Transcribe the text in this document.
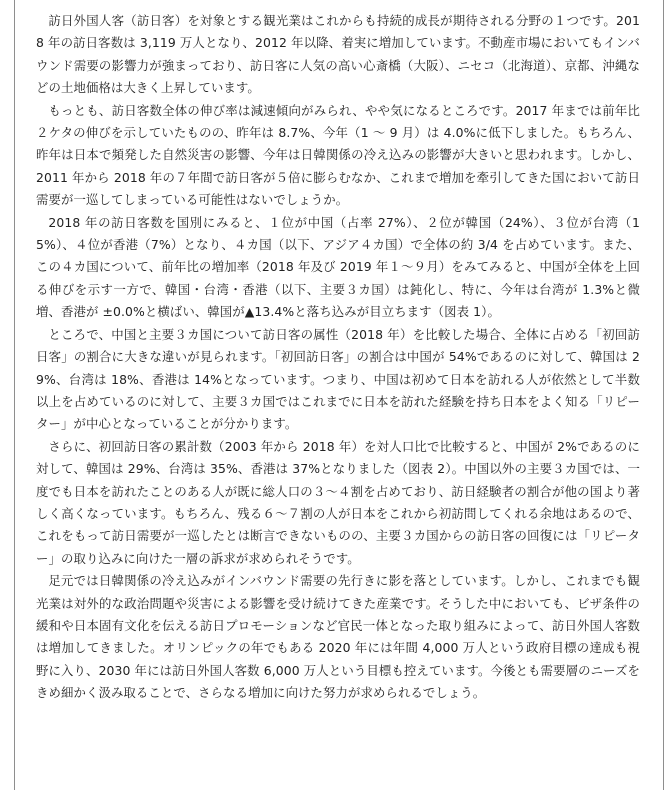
訪日外国人客（訪日客）を対象とする観光業はこれからも持続的成長が期待される分野の１つです。2018 年の訪日客数は 3,119 万人となり、2012 年以降、着実に増加しています。不動産市場においてもインバウンド需要の影響力が強まっており、訪日客に人気の高い心斎橋（大阪）、ニセコ（北海道）、京都、沖縄などの土地価格は大きく上昇しています。

もっとも、訪日客数全体の伸び率は減速傾向がみられ、やや気になるところです。2017 年までは前年比２ケタの伸びを示していたものの、昨年は 8.7%、今年（1 ～ 9 月）は 4.0%に低下しました。もちろん、昨年は日本で頻発した自然災害の影響、今年は日韓関係の冷え込みの影響が大きいと思われます。しかし、2011 年から 2018 年の７年間で訪日客が５倍に膨らむなか、これまで増加を牽引してきた国において訪日需要が一巡してしまっている可能性はないでしょうか。

2018 年の訪日客数を国別にみると、１位が中国（占率 27%）、２位が韓国（24%）、３位が台湾（15%）、４位が香港（7%）となり、４カ国（以下、アジア４カ国）で全体の約 3/4 を占めています。また、この４カ国について、前年比の増加率（2018 年及び 2019 年１～９月）をみてみると、中国が全体を上回る伸びを示す一方で、韓国・台湾・香港（以下、主要３カ国）は鈍化し、特に、今年は台湾が 1.3%と微増、香港が ±0.0%と横ばい、韓国が▲13.4%と落ち込みが目立ちます（図表 1）。

ところで、中国と主要３カ国について訪日客の属性（2018 年）を比較した場合、全体に占める「初回訪日客」の割合に大きな違いが見られます。「初回訪日客」の割合は中国が 54%であるのに対して、韓国は 29%、台湾は 18%、香港は 14%となっています。つまり、中国は初めて日本を訪れる人が依然として半数以上を占めているのに対して、主要３カ国ではこれまでに日本を訪れた経験を持ち日本をよく知る「リピーター」が中心となっていることが分かります。

さらに、初回訪日客の累計数（2003 年から 2018 年）を対人口比で比較すると、中国が 2%であるのに対して、韓国は 29%、台湾は 35%、香港は 37%となりました（図表 2）。中国以外の主要３カ国では、一度でも日本を訪れたことのある人が既に総人口の３～４割を占めており、訪日経験者の割合が他の国より著しく高くなっています。もちろん、残る６～７割の人が日本をこれから初訪問してくれる余地はあるので、これをもって訪日需要が一巡したとは断言できないものの、主要３カ国からの訪日客の回復には「リピーター」の取り込みに向けた一層の訴求が求められそうです。

足元では日韓関係の冷え込みがインバウンド需要の先行きに影を落としています。しかし、これまでも観光業は対外的な政治問題や災害による影響を受け続けてきた産業です。そうした中においても、ビザ条件の緩和や日本固有文化を伝える訪日プロモーションなど官民一体となった取り組みによって、訪日外国人客数は増加してきました。オリンピックの年でもある 2020 年には年間 4,000 万人という政府目標の達成も視野に入り、2030 年には訪日外国人客数 6,000 万人という目標も控えています。今後とも需要層のニーズをきめ細かく汲み取ることで、さらなる増加に向けた努力が求められるでしょう。
